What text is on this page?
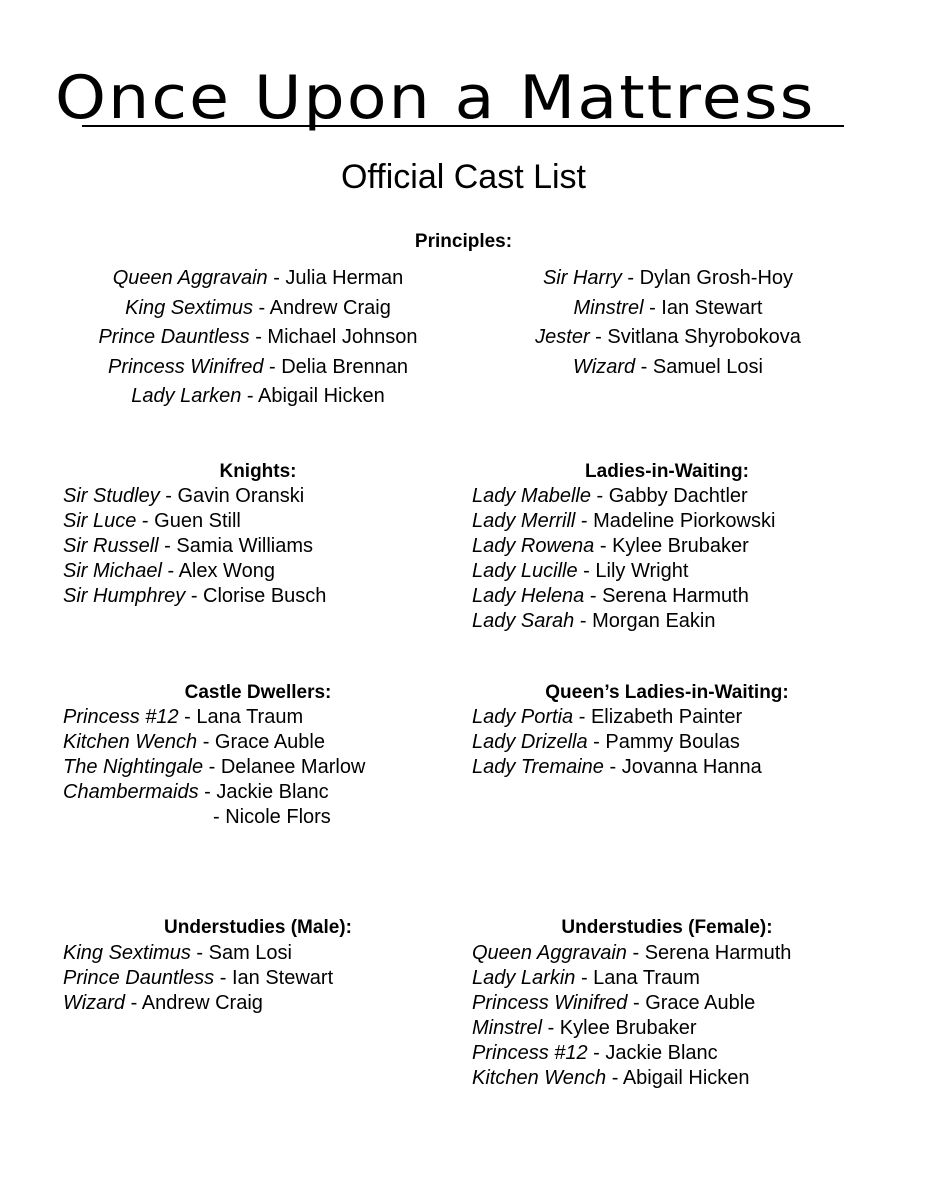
Once Upon a Mattress
Official Cast List
Principles:
Queen Aggravain - Julia Herman
King Sextimus - Andrew Craig
Prince Dauntless - Michael Johnson
Princess Winifred - Delia Brennan
Lady Larken - Abigail Hicken
Sir Harry - Dylan Grosh-Hoy
Minstrel - Ian Stewart
Jester - Svitlana Shyrobokova
Wizard - Samuel Losi
Knights:
Sir Studley - Gavin Oranski
Sir Luce - Guen Still
Sir Russell - Samia Williams
Sir Michael - Alex Wong
Sir Humphrey - Clorise Busch
Ladies-in-Waiting:
Lady Mabelle - Gabby Dachtler
Lady Merrill - Madeline Piorkowski
Lady Rowena - Kylee Brubaker
Lady Lucille - Lily Wright
Lady Helena - Serena Harmuth
Lady Sarah - Morgan Eakin
Castle Dwellers:
Princess #12 - Lana Traum
Kitchen Wench - Grace Auble
The Nightingale - Delanee Marlow
Chambermaids - Jackie Blanc
- Nicole Flors
Queen’s Ladies-in-Waiting:
Lady Portia - Elizabeth Painter
Lady Drizella - Pammy Boulas
Lady Tremaine - Jovanna Hanna
Understudies (Male):
King Sextimus - Sam Losi
Prince Dauntless - Ian Stewart
Wizard - Andrew Craig
Understudies (Female):
Queen Aggravain - Serena Harmuth
Lady Larkin - Lana Traum
Princess Winifred - Grace Auble
Minstrel - Kylee Brubaker
Princess #12 - Jackie Blanc
Kitchen Wench - Abigail Hicken
